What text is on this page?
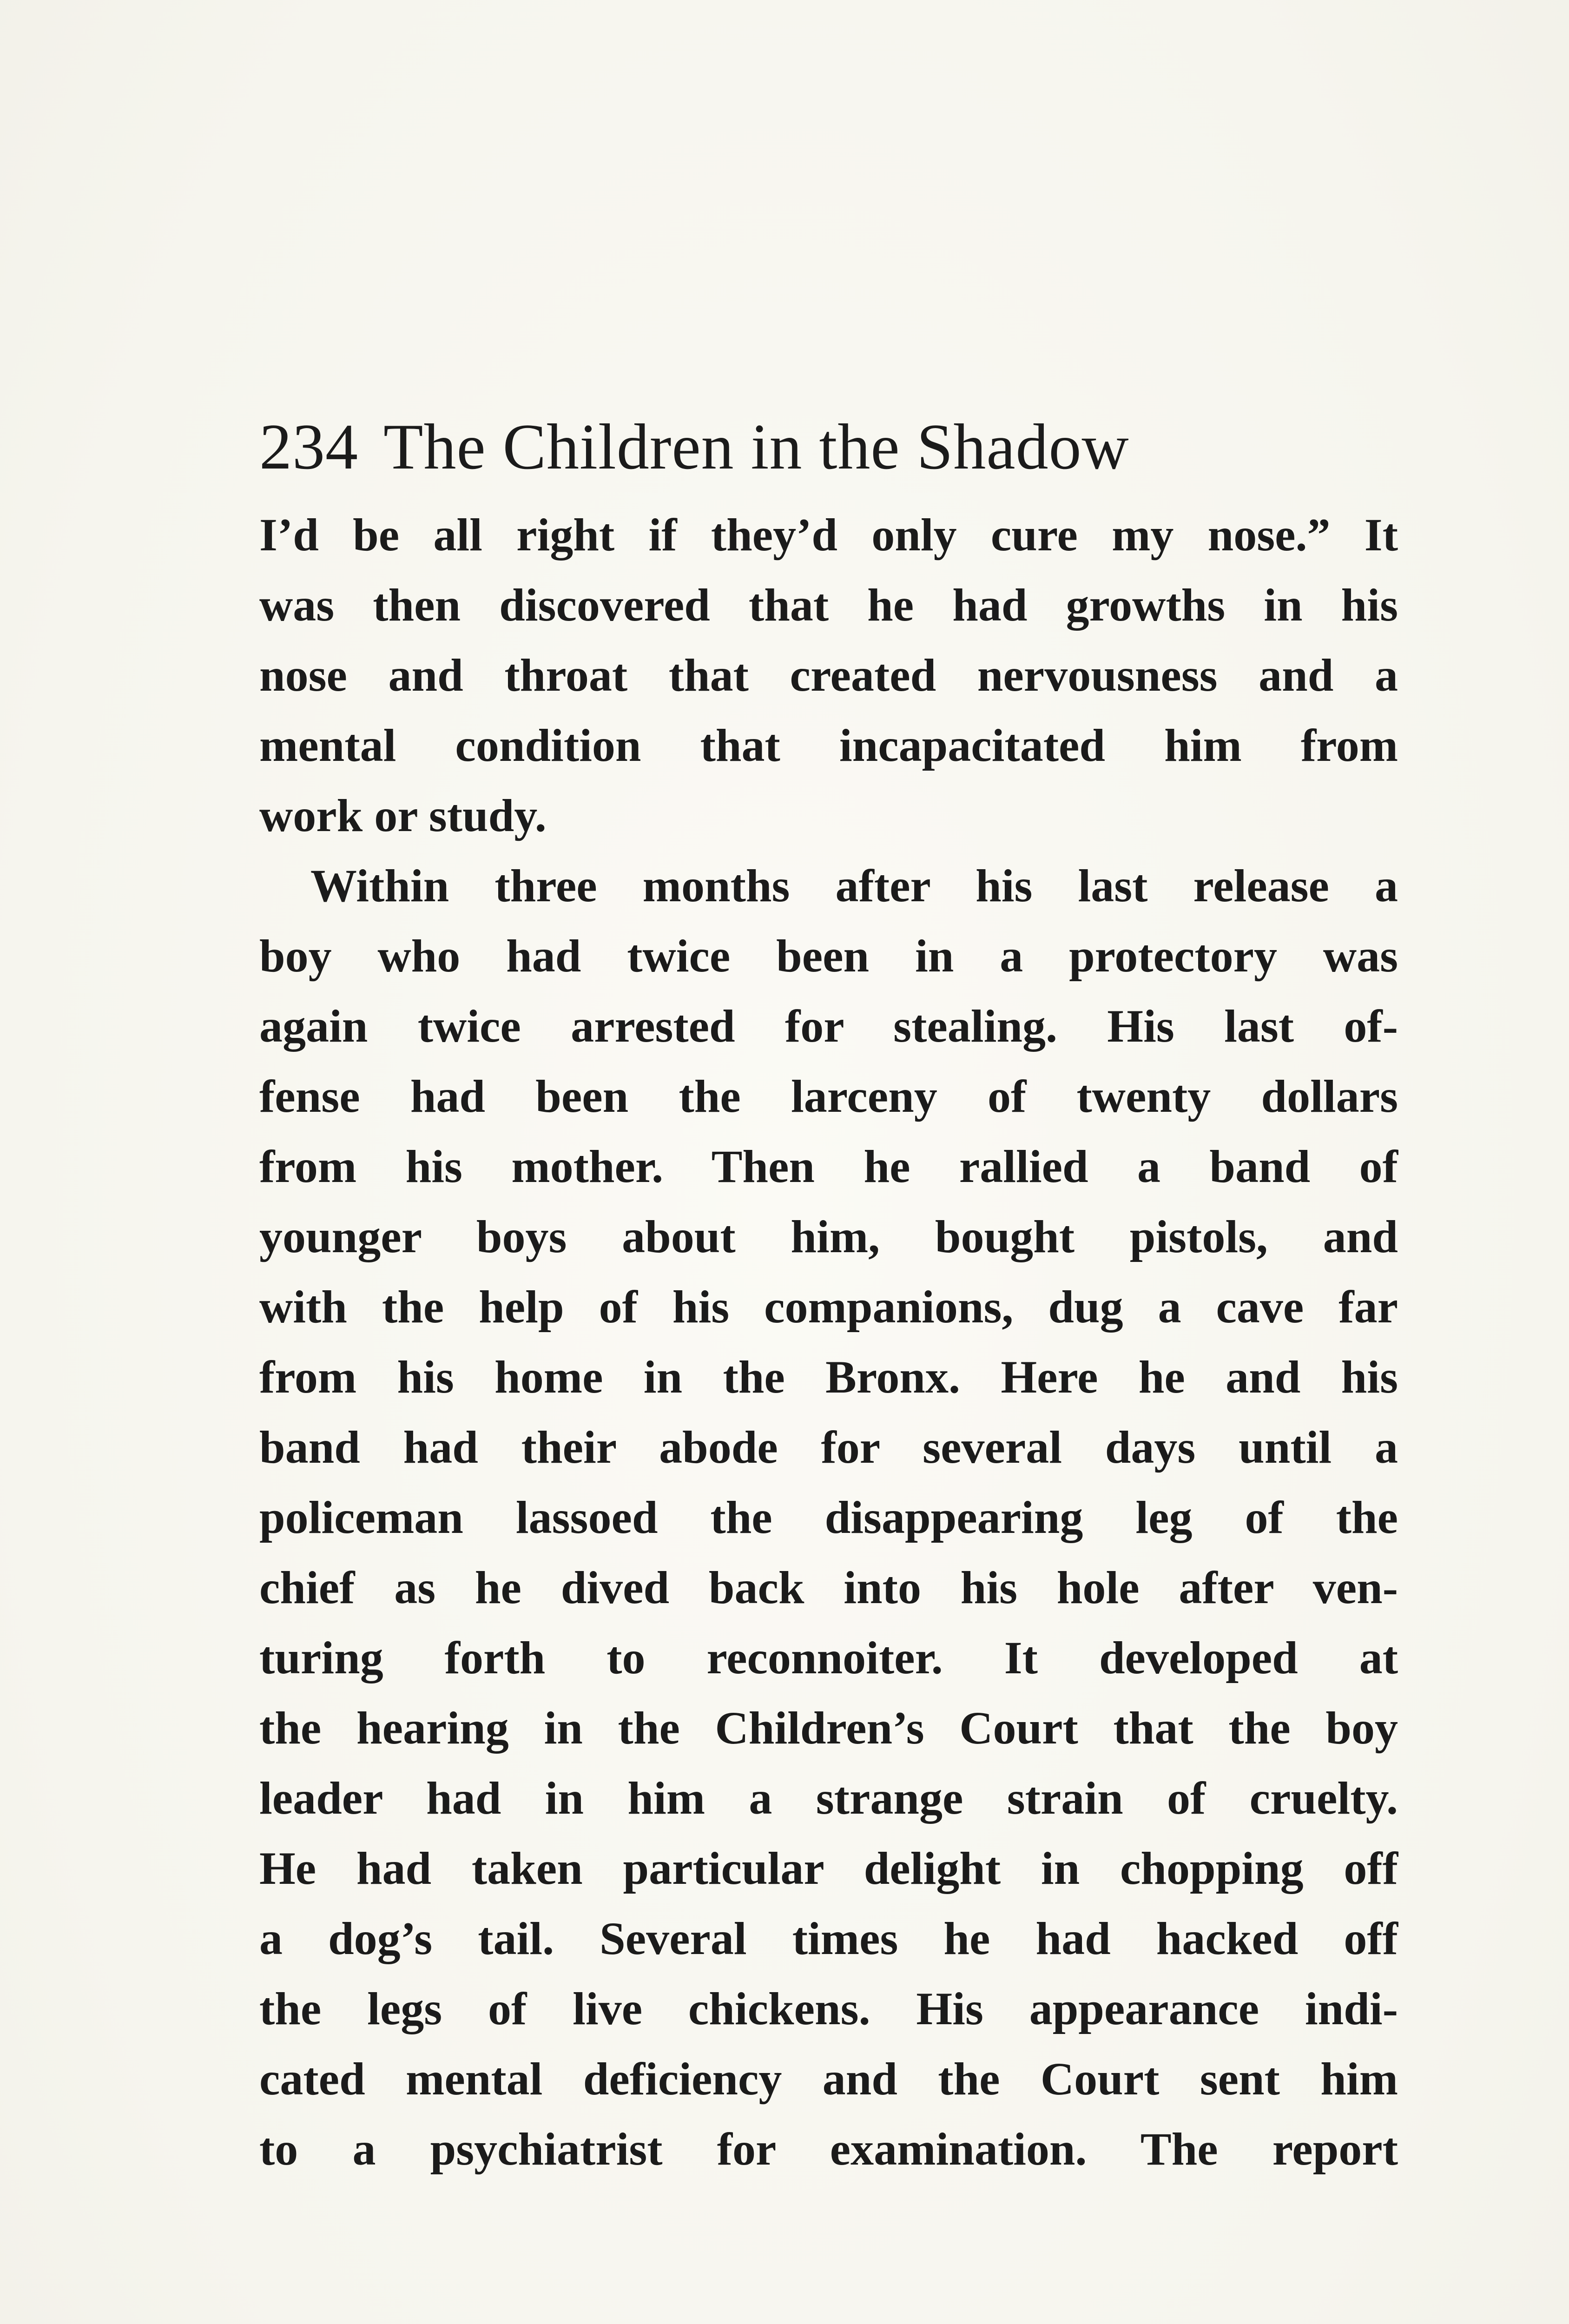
234 The Children in the Shadow
I’d be all right if they’d only cure my nose.” It
was then discovered that he had growths in his
nose and throat that created nervousness and a
mental condition that incapacitated him from
work or study.
Within three months after his last release a
boy who had twice been in a protectory was
again twice arrested for stealing. His last of-
fense had been the larceny of twenty dollars
from his mother. Then he rallied a band of
younger boys about him, bought pistols, and
with the help of his companions, dug a cave far
from his home in the Bronx. Here he and his
band had their abode for several days until a
policeman lassoed the disappearing leg of the
chief as he dived back into his hole after ven-
turing forth to reconnoiter. It developed at
the hearing in the Children’s Court that the boy
leader had in him a strange strain of cruelty.
He had taken particular delight in chopping off
a dog’s tail. Several times he had hacked off
the legs of live chickens. His appearance indi-
cated mental deficiency and the Court sent him
to a psychiatrist for examination. The report
